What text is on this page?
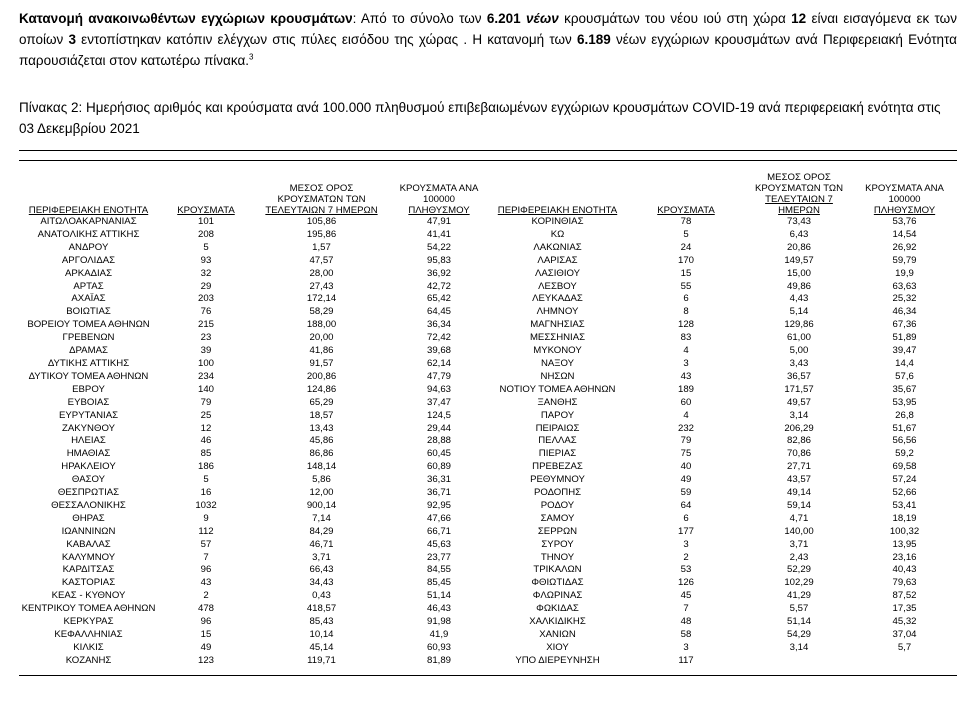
Κατανομή ανακοινωθέντων εγχώριων κρουσμάτων: Από το σύνολο των 6.201 νέων κρουσμάτων του νέου ιού στη χώρα 12 είναι εισαγόμενα εκ των οποίων 3 εντοπίστηκαν κατόπιν ελέγχων στις πύλες εισόδου της χώρας . Η κατανομή των 6.189 νέων εγχώριων κρουσμάτων ανά Περιφερειακή Ενότητα παρουσιάζεται στον κατωτέρω πίνακα.$^3$
Πίνακας 2: Ημερήσιος αριθμός και κρούσματα ανά 100.000 πληθυσμού επιβεβαιωμένων εγχώριων κρουσμάτων COVID-19 ανά περιφερειακή ενότητα στις 03 Δεκεμβρίου 2021
ΠΕΡΙΦΕΡΕΙΑΚΗ ΕΝΟΤΗΤΑ	ΚΡΟΥΣΜΑΤΑ	ΜΕΣΟΣ ΟΡΟΣ
ΚΡΟΥΣΜΑΤΩΝ ΤΩΝ
ΤΕΛΕΥΤΑΙΩΝ 7 ΗΜΕΡΩΝ	ΚΡΟΥΣΜΑΤΑ ΑΝΑ 100000
ΠΛΗΘΥΣΜΟΥ	ΠΕΡΙΦΕΡΕΙΑΚΗ ΕΝΟΤΗΤΑ	ΚΡΟΥΣΜΑΤΑ	ΜΕΣΟΣ ΟΡΟΣ
ΚΡΟΥΣΜΑΤΩΝ ΤΩΝ
ΤΕΛΕΥΤΑΙΩΝ 7 ΗΜΕΡΩΝ	ΚΡΟΥΣΜΑΤΑ ΑΝΑ 100000
ΠΛΗΘΥΣΜΟΥ
ΑΙΤΩΛΟΑΚΑΡΝΑΝΙΑΣ	101	105,86	47,91	ΚΟΡΙΝΘΙΑΣ	78	73,43	53,76
ΑΝΑΤΟΛΙΚΗΣ ΑΤΤΙΚΗΣ	208	195,86	41,41	ΚΩ	5	6,43	14,54
ΑΝΔΡΟΥ	5	1,57	54,22	ΛΑΚΩΝΙΑΣ	24	20,86	26,92
ΑΡΓΟΛΙΔΑΣ	93	47,57	95,83	ΛΑΡΙΣΑΣ	170	149,57	59,79
ΑΡΚΑΔΙΑΣ	32	28,00	36,92	ΛΑΣΙΘΙΟΥ	15	15,00	19,9
ΑΡΤΑΣ	29	27,43	42,72	ΛΕΣΒΟΥ	55	49,86	63,63
ΑΧΑΪΑΣ	203	172,14	65,42	ΛΕΥΚΑΔΑΣ	6	4,43	25,32
ΒΟΙΩΤΙΑΣ	76	58,29	64,45	ΛΗΜΝΟΥ	8	5,14	46,34
ΒΟΡΕΙΟΥ ΤΟΜΕΑ ΑΘΗΝΩΝ	215	188,00	36,34	ΜΑΓΝΗΣΙΑΣ	128	129,86	67,36
ΓΡΕΒΕΝΩΝ	23	20,00	72,42	ΜΕΣΣΗΝΙΑΣ	83	61,00	51,89
ΔΡΑΜΑΣ	39	41,86	39,68	ΜΥΚΟΝΟΥ	4	5,00	39,47
ΔΥΤΙΚΗΣ ΑΤΤΙΚΗΣ	100	91,57	62,14	ΝΑΞΟΥ	3	3,43	14,4
ΔΥΤΙΚΟΥ ΤΟΜΕΑ ΑΘΗΝΩΝ	234	200,86	47,79	ΝΗΣΩΝ	43	36,57	57,6
ΕΒΡΟΥ	140	124,86	94,63	ΝΟΤΙΟΥ ΤΟΜΕΑ ΑΘΗΝΩΝ	189	171,57	35,67
ΕΥΒΟΙΑΣ	79	65,29	37,47	ΞΑΝΘΗΣ	60	49,57	53,95
ΕΥΡΥΤΑΝΙΑΣ	25	18,57	124,5	ΠΑΡΟΥ	4	3,14	26,8
ΖΑΚΥΝΘΟΥ	12	13,43	29,44	ΠΕΙΡΑΙΩΣ	232	206,29	51,67
ΗΛΕΙΑΣ	46	45,86	28,88	ΠΕΛΛΑΣ	79	82,86	56,56
ΗΜΑΘΙΑΣ	85	86,86	60,45	ΠΙΕΡΙΑΣ	75	70,86	59,2
ΗΡΑΚΛΕΙΟΥ	186	148,14	60,89	ΠΡΕΒΕΖΑΣ	40	27,71	69,58
ΘΑΣΟΥ	5	5,86	36,31	ΡΕΘΥΜΝΟΥ	49	43,57	57,24
ΘΕΣΠΡΩΤΙΑΣ	16	12,00	36,71	ΡΟΔΟΠΗΣ	59	49,14	52,66
ΘΕΣΣΑΛΟΝΙΚΗΣ	1032	900,14	92,95	ΡΟΔΟΥ	64	59,14	53,41
ΘΗΡΑΣ	9	7,14	47,66	ΣΑΜΟΥ	6	4,71	18,19
ΙΩΑΝΝΙΝΩΝ	112	84,29	66,71	ΣΕΡΡΩΝ	177	140,00	100,32
ΚΑΒΑΛΑΣ	57	46,71	45,63	ΣΥΡΟΥ	3	3,71	13,95
ΚΑΛΥΜΝΟΥ	7	3,71	23,77	ΤΗΝΟΥ	2	2,43	23,16
ΚΑΡΔΙΤΣΑΣ	96	66,43	84,55	ΤΡΙΚΑΛΩΝ	53	52,29	40,43
ΚΑΣΤΟΡΙΑΣ	43	34,43	85,45	ΦΘΙΩΤΙΔΑΣ	126	102,29	79,63
ΚΕΑΣ - ΚΥΘΝΟΥ	2	0,43	51,14	ΦΛΩΡΙΝΑΣ	45	41,29	87,52
ΚΕΝΤΡΙΚΟΥ ΤΟΜΕΑ ΑΘΗΝΩΝ	478	418,57	46,43	ΦΩΚΙΔΑΣ	7	5,57	17,35
ΚΕΡΚΥΡΑΣ	96	85,43	91,98	ΧΑΛΚΙΔΙΚΗΣ	48	51,14	45,32
ΚΕΦΑΛΛΗΝΙΑΣ	15	10,14	41,9	ΧΑΝΙΩΝ	58	54,29	37,04
ΚΙΛΚΙΣ	49	45,14	60,93	ΧΙΟΥ	3	3,14	5,7
ΚΟΖΑΝΗΣ	123	119,71	81,89	ΥΠΟ ΔΙΕΡΕΥΝΗΣΗ	117		
